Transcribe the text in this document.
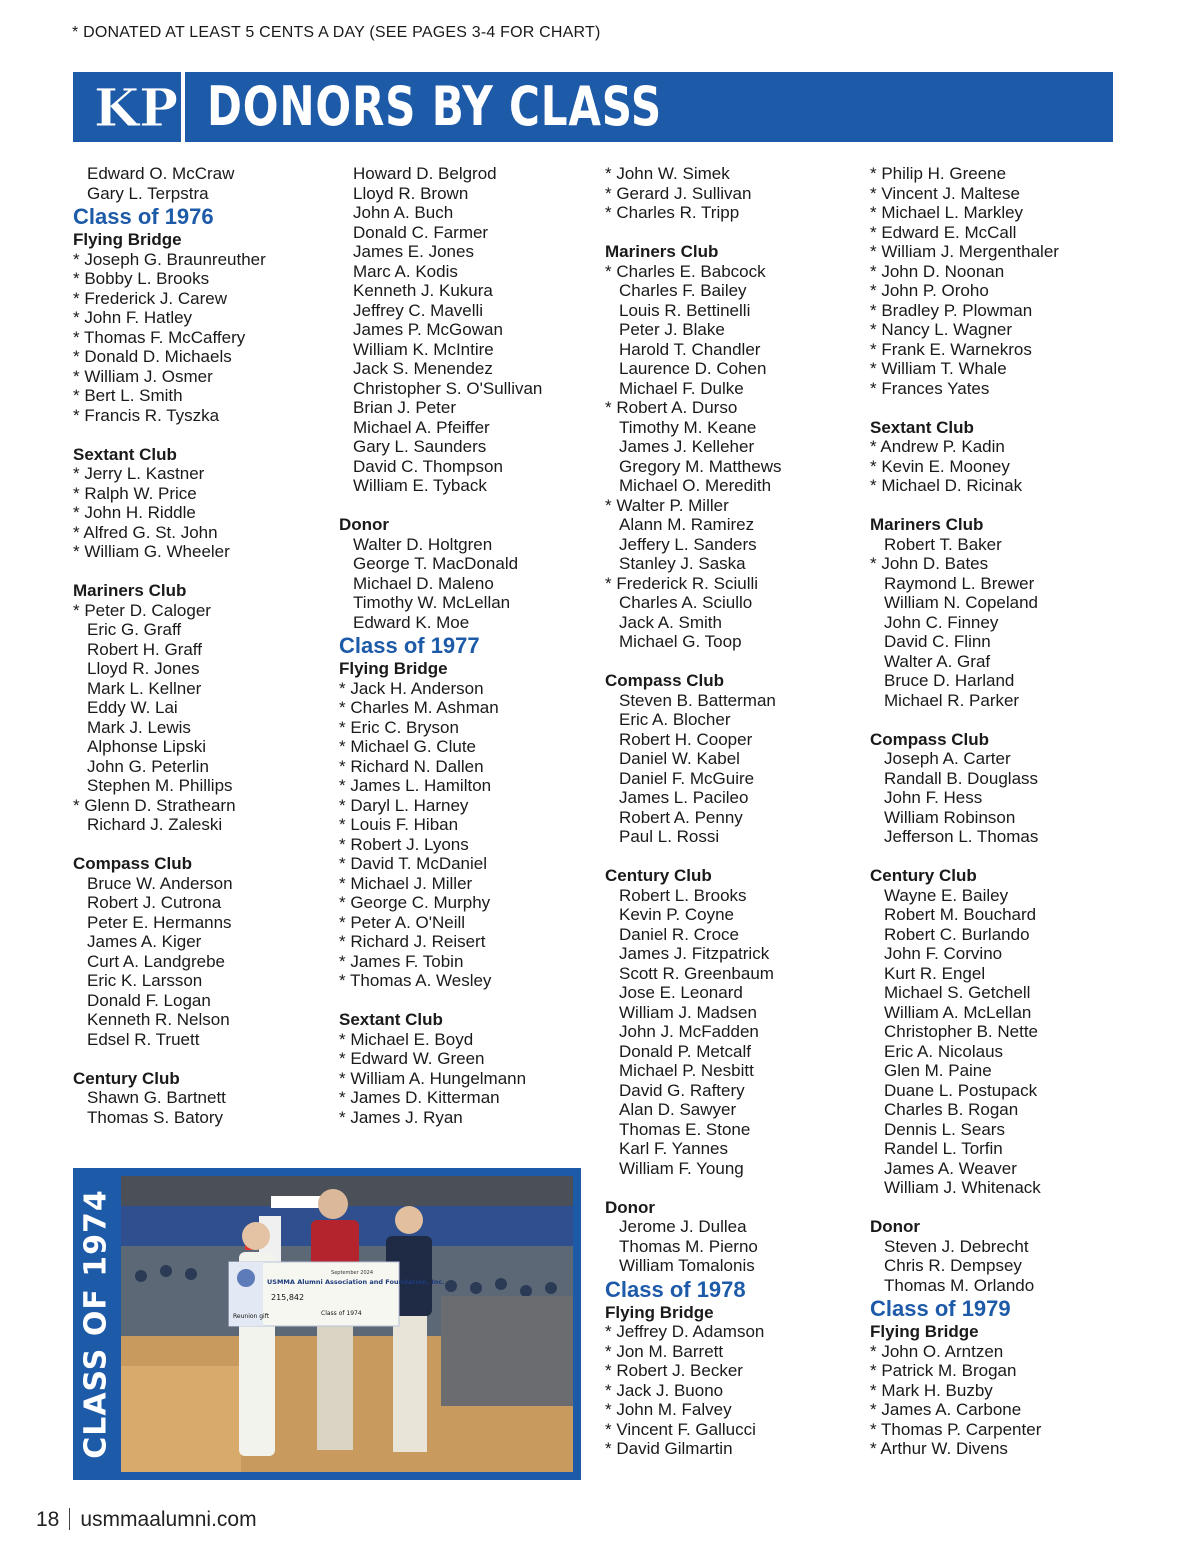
* DONATED AT LEAST 5 CENTS A DAY (SEE PAGES 3-4 FOR CHART)
KP DONORS BY CLASS
Edward O. McCraw
Gary L. Terpstra
Class of 1976
Flying Bridge
* Joseph G. Braunreuther
* Bobby L. Brooks
* Frederick J. Carew
* John F. Hatley
* Thomas F. McCaffery
* Donald D. Michaels
* William J. Osmer
* Bert L. Smith
* Francis R. Tyszka
Sextant Club
* Jerry L. Kastner
* Ralph W. Price
* John H. Riddle
* Alfred G. St. John
* William G. Wheeler
Mariners Club
* Peter D. Caloger
Eric G. Graff
Robert H. Graff
Lloyd R. Jones
Mark L. Kellner
Eddy W. Lai
Mark J. Lewis
Alphonse Lipski
John G. Peterlin
Stephen M. Phillips
* Glenn D. Strathearn
Richard J. Zaleski
Compass Club
Bruce W. Anderson
Robert J. Cutrona
Peter E. Hermanns
James A. Kiger
Curt A. Landgrebe
Eric K. Larsson
Donald F. Logan
Kenneth R. Nelson
Edsel R. Truett
Century Club
Shawn G. Bartnett
Thomas S. Batory
Howard D. Belgrod
Lloyd R. Brown
John A. Buch
Donald C. Farmer
James E. Jones
Marc A. Kodis
Kenneth J. Kukura
Jeffrey C. Mavelli
James P. McGowan
William K. McIntire
Jack S. Menendez
Christopher S. O'Sullivan
Brian J. Peter
Michael A. Pfeiffer
Gary L. Saunders
David C. Thompson
William E. Tyback
Donor
Walter D. Holtgren
George T. MacDonald
Michael D. Maleno
Timothy W. McLellan
Edward K. Moe
Class of 1977
Flying Bridge
* Jack H. Anderson
* Charles M. Ashman
* Eric C. Bryson
* Michael G. Clute
* Richard N. Dallen
* James L. Hamilton
* Daryl L. Harney
* Louis F. Hiban
* Robert J. Lyons
* David T. McDaniel
* Michael J. Miller
* George C. Murphy
* Peter A. O'Neill
* Richard J. Reisert
* James F. Tobin
* Thomas A. Wesley
Sextant Club
* Michael E. Boyd
* Edward W. Green
* William A. Hungelmann
* James D. Kitterman
* James J. Ryan
* John W. Simek
* Gerard J. Sullivan
* Charles R. Tripp
Mariners Club
* Charles E. Babcock
Charles F. Bailey
Louis R. Bettinelli
Peter J. Blake
Harold T. Chandler
Laurence D. Cohen
Michael F. Dulke
* Robert A. Durso
Timothy M. Keane
James J. Kelleher
Gregory M. Matthews
Michael O. Meredith
* Walter P. Miller
Alann M. Ramirez
Jeffery L. Sanders
Stanley J. Saska
* Frederick R. Sciulli
Charles A. Sciullo
Jack A. Smith
Michael G. Toop
Compass Club
Steven B. Batterman
Eric A. Blocher
Robert H. Cooper
Daniel W. Kabel
Daniel F. McGuire
James L. Pacileo
Robert A. Penny
Paul L. Rossi
Century Club
Robert L. Brooks
Kevin P. Coyne
Daniel R. Croce
James J. Fitzpatrick
Scott R. Greenbaum
Jose E. Leonard
William J. Madsen
John J. McFadden
Donald P. Metcalf
Michael P. Nesbitt
David G. Raftery
Alan D. Sawyer
Thomas E. Stone
Karl F. Yannes
William F. Young
Donor
Jerome J. Dullea
Thomas M. Pierno
William Tomalonis
Class of 1978
Flying Bridge
* Jeffrey D. Adamson
* Jon M. Barrett
* Robert J. Becker
* Jack J. Buono
* John M. Falvey
* Vincent F. Gallucci
* David Gilmartin
* Philip H. Greene
* Vincent J. Maltese
* Michael L. Markley
* Edward E. McCall
* William J. Mergenthaler
* John D. Noonan
* John P. Oroho
* Bradley P. Plowman
* Nancy L. Wagner
* Frank E. Warnekros
* William T. Whale
* Frances Yates
Sextant Club
* Andrew P. Kadin
* Kevin E. Mooney
* Michael D. Ricinak
Mariners Club
Robert T. Baker
* John D. Bates
Raymond L. Brewer
William N. Copeland
John C. Finney
David C. Flinn
Walter A. Graf
Bruce D. Harland
Michael R. Parker
Compass Club
Joseph A. Carter
Randall B. Douglass
John F. Hess
William Robinson
Jefferson L. Thomas
Century Club
Wayne E. Bailey
Robert M. Bouchard
Robert C. Burlando
John F. Corvino
Kurt R. Engel
Michael S. Getchell
William A. McLellan
Christopher B. Nette
Eric A. Nicolaus
Glen M. Paine
Duane L. Postupack
Charles B. Rogan
Dennis L. Sears
Randel L. Torfin
James A. Weaver
William J. Whitenack
Donor
Steven J. Debrecht
Chris R. Dempsey
Thomas M. Orlando
Class of 1979
Flying Bridge
* John O. Arntzen
* Patrick M. Brogan
* Mark H. Buzby
* James A. Carbone
* Thomas P. Carpenter
* Arthur W. Divens
CLASS OF 1974	USMMA Alumni Association and Foundation, Inc.
September 2024
215,842
Reunion gift	Class of 1974
18 usmmaalumni.com
